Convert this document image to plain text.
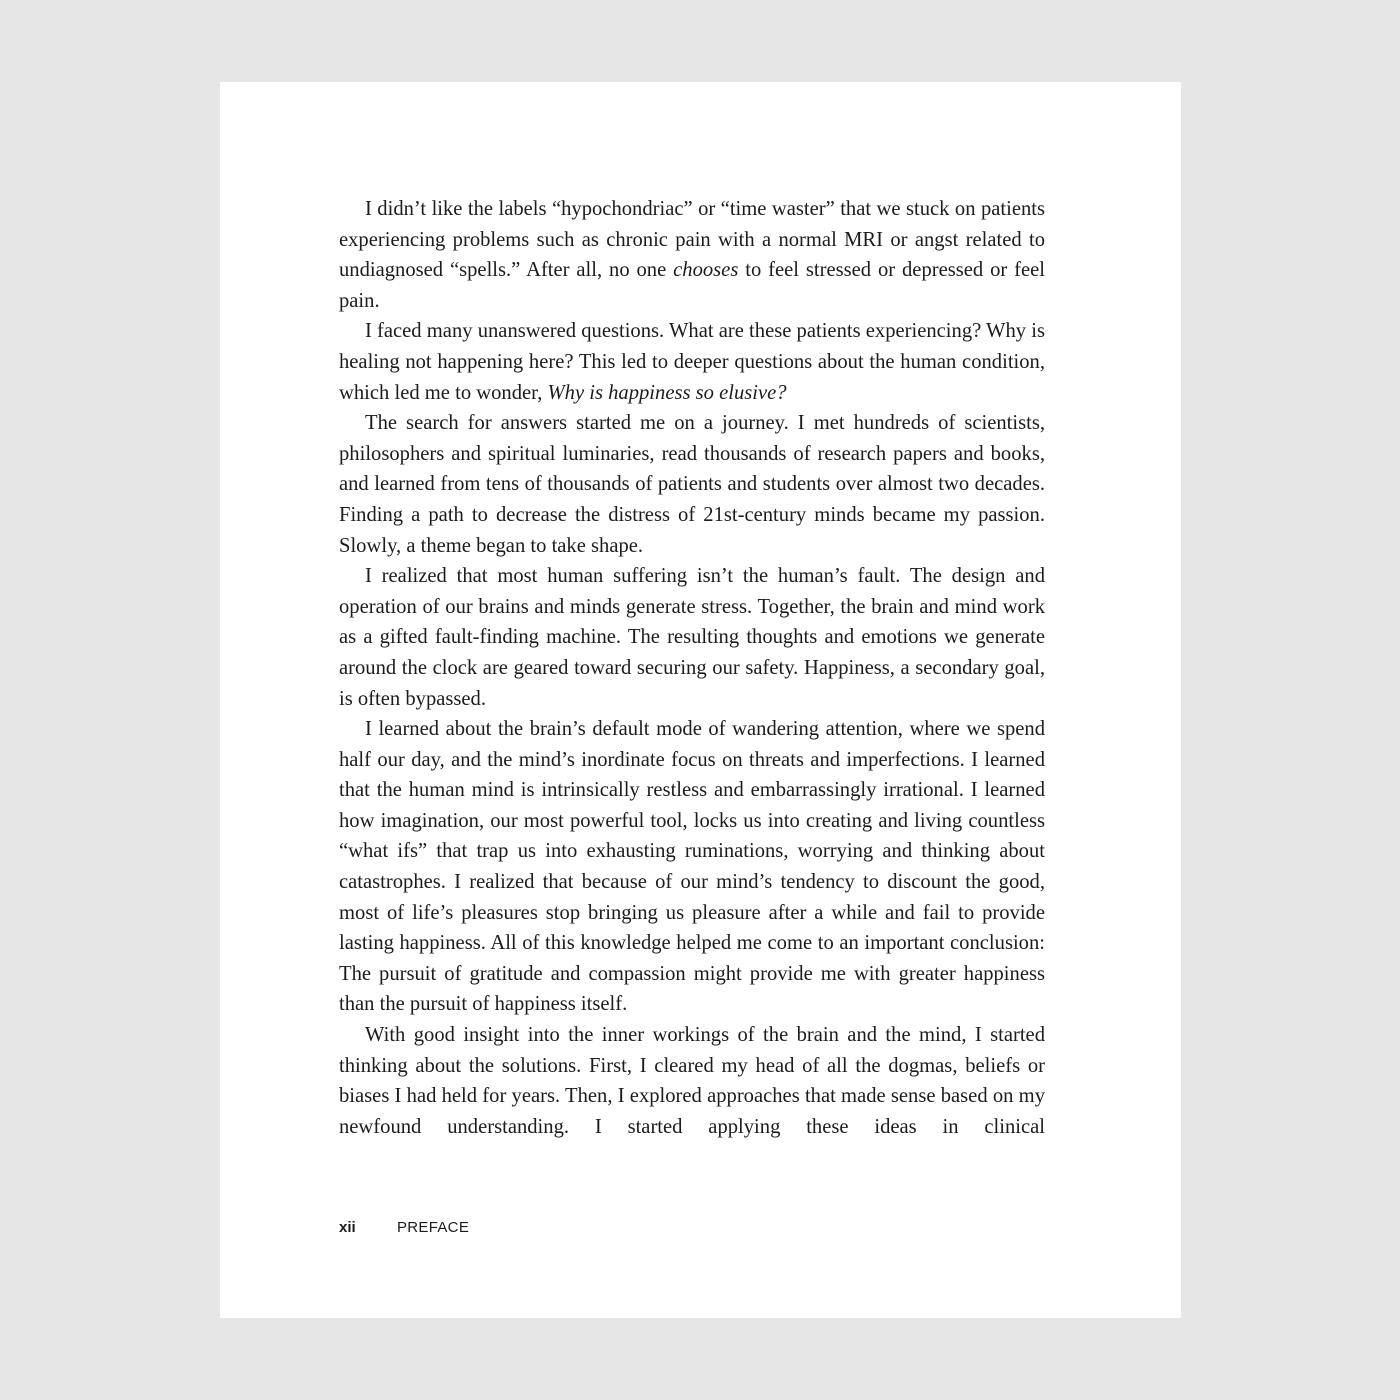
I didn’t like the labels “hypochondriac” or “time waster” that we stuck on patients experiencing problems such as chronic pain with a normal MRI or angst related to undiagnosed “spells.” After all, no one chooses to feel stressed or depressed or feel pain.

I faced many unanswered questions. What are these patients experiencing? Why is healing not happening here? This led to deeper questions about the human condition, which led me to wonder, Why is happiness so elusive?

The search for answers started me on a journey. I met hundreds of scientists, philosophers and spiritual luminaries, read thousands of research papers and books, and learned from tens of thousands of patients and students over almost two decades. Finding a path to decrease the distress of 21st-century minds became my passion. Slowly, a theme began to take shape.

I realized that most human suffering isn’t the human’s fault. The design and operation of our brains and minds generate stress. Together, the brain and mind work as a gifted fault-finding machine. The resulting thoughts and emotions we generate around the clock are geared toward securing our safety. Happiness, a secondary goal, is often bypassed.

I learned about the brain’s default mode of wandering attention, where we spend half our day, and the mind’s inordinate focus on threats and imperfections. I learned that the human mind is intrinsically restless and embarrassingly irrational. I learned how imagination, our most powerful tool, locks us into creating and living countless “what ifs” that trap us into exhausting ruminations, worrying and thinking about catastrophes. I realized that because of our mind’s tendency to discount the good, most of life’s pleasures stop bringing us pleasure after a while and fail to provide lasting happiness. All of this knowledge helped me come to an important conclusion: The pursuit of gratitude and compassion might provide me with greater happiness than the pursuit of happiness itself.

With good insight into the inner workings of the brain and the mind, I started thinking about the solutions. First, I cleared my head of all the dogmas, beliefs or biases I had held for years. Then, I explored approaches that made sense based on my newfound understanding. I started applying these ideas in clinical

xii	PREFACE
